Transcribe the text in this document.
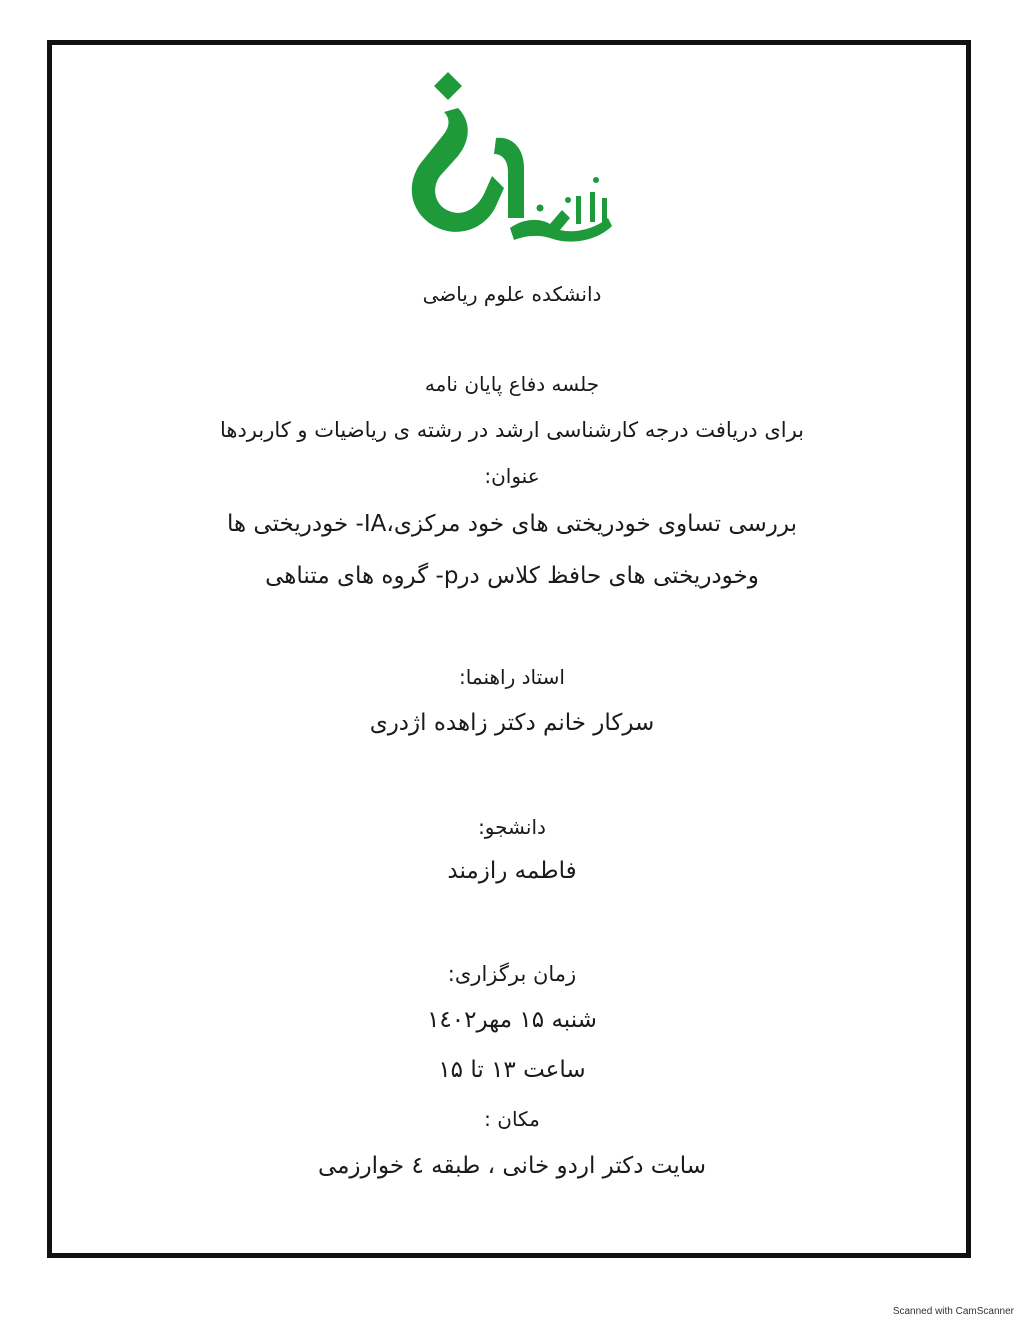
دانشکده علوم ریاضی
جلسه دفاع پایان نامه
برای دریافت درجه کارشناسی ارشد در رشته ی ریاضیات و کاربردها
عنوان:
بررسی تساوی خودریختی های خود مرکزی،IA- خودریختی ها
وخودریختی های حافظ کلاس درp- گروه های متناهی
استاد راهنما:
سرکار خانم دکتر زاهده اژدری
دانشجو:
فاطمه رازمند
زمان برگزاری:
شنبه ۱۵ مهر۱٤۰۲
ساعت ۱۳ تا ۱۵
مکان :
سایت دکتر اردو خانی ، طبقه ٤ خوارزمی
Scanned with CamScanner
